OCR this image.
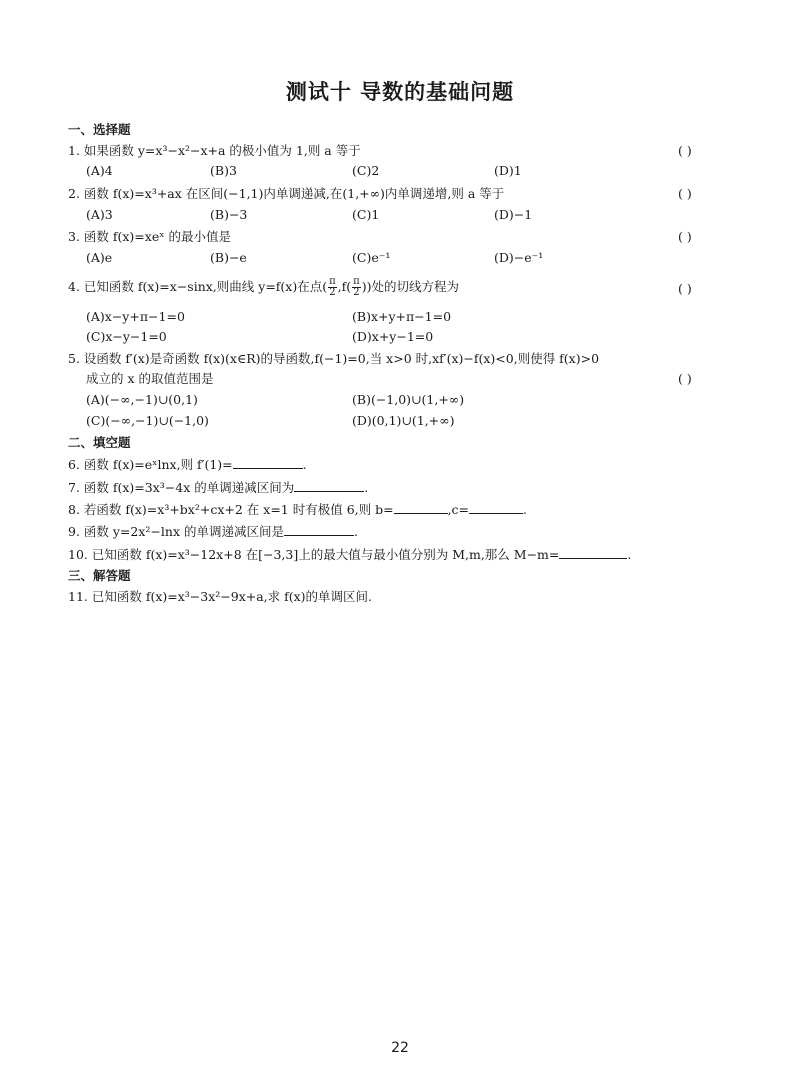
测试十 导数的基础问题
一、选择题
1. 如果函数 y=x³−x²−x+a 的极小值为 1,则 a 等于	( )
(A)4	(B)3	(C)2	(D)1
2. 函数 f(x)=x³+ax 在区间(−1,1)内单调递减,在(1,+∞)内单调递增,则 a 等于	( )
(A)3	(B)−3	(C)1	(D)−1
3. 函数 f(x)=xeˣ 的最小值是	( )
(A)e	(B)−e	(C)e⁻¹	(D)−e⁻¹
4. 已知函数 f(x)=x−sinx,则曲线 y=f(x)在点( $\frac{\pi}{2} ,f( \frac{\pi}{2}$ ))处的切线方程为	( )
(A)x−y+π−1=0	(B)x+y+π−1=0
(C)x−y−1=0	(D)x+y−1=0
5. 设函数 f′(x)是奇函数 f(x)(x∈R)的导函数,f(−1)=0,当 x>0 时,xf′(x)−f(x)<0,则使得 f(x)>0
成立的 x 的取值范围是	( )
(A)(−∞,−1)∪(0,1)	(B)(−1,0)∪(1,+∞)
(C)(−∞,−1)∪(−1,0)	(D)(0,1)∪(1,+∞)
二、填空题
6. 函数 f(x)=eˣlnx,则 f′(1)=	.
7. 函数 f(x)=3x³−4x 的单调递减区间为	.
8. 若函数 f(x)=x³+bx²+cx+2 在 x=1 时有极值 6,则 b=	,c=	.
9. 函数 y=2x²−lnx 的单调递减区间是	.
10. 已知函数 f(x)=x³−12x+8 在[−3,3]上的最大值与最小值分别为 M,m,那么 M−m=	.
三、解答题
11. 已知函数 f(x)=x³−3x²−9x+a,求 f(x)的单调区间.
22
